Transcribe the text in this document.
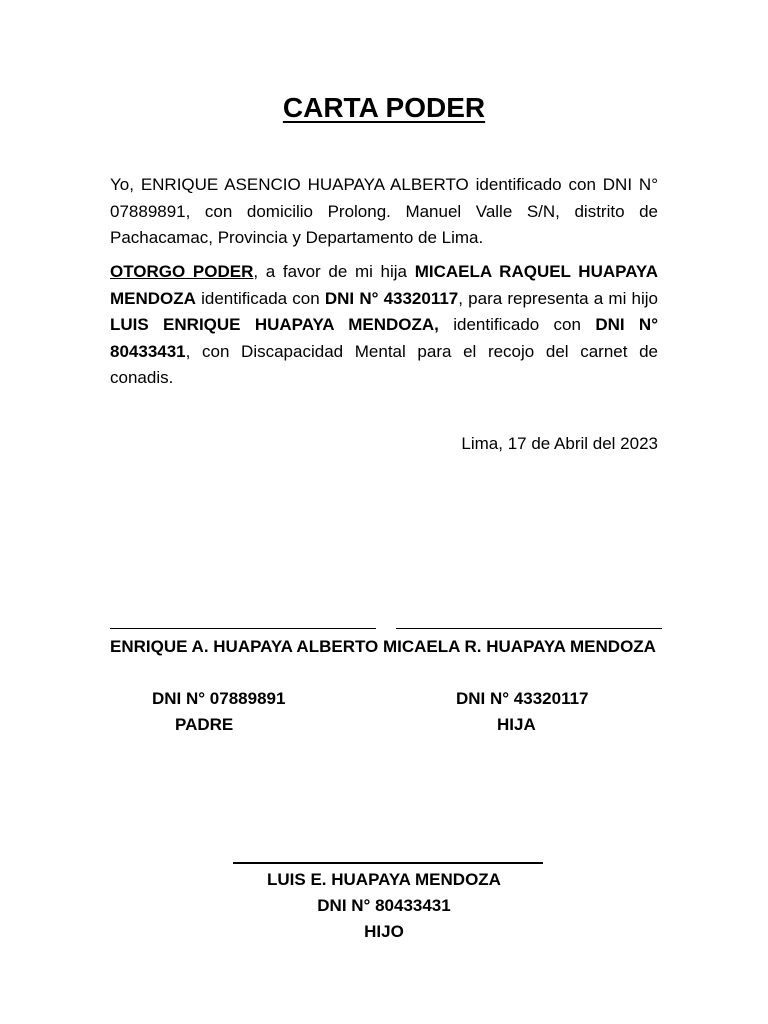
CARTA PODER
Yo, ENRIQUE ASENCIO HUAPAYA ALBERTO identificado con DNI N° 07889891, con domicilio Prolong. Manuel Valle S/N, distrito de Pachacamac, Provincia y Departamento de Lima.
OTORGO PODER, a favor de mi hija MICAELA RAQUEL HUAPAYA MENDOZA identificada con DNI N° 43320117, para representa a mi hijo LUIS ENRIQUE HUAPAYA MENDOZA, identificado con DNI N° 80433431, con Discapacidad Mental para el recojo del carnet de conadis.
Lima, 17 de Abril del 2023
ENRIQUE A. HUAPAYA ALBERTO MICAELA R. HUAPAYA MENDOZA
DNI N° 07889891	DNI N° 43320117
PADRE	HIJA
LUIS E. HUAPAYA MENDOZA
DNI N° 80433431
HIJO
